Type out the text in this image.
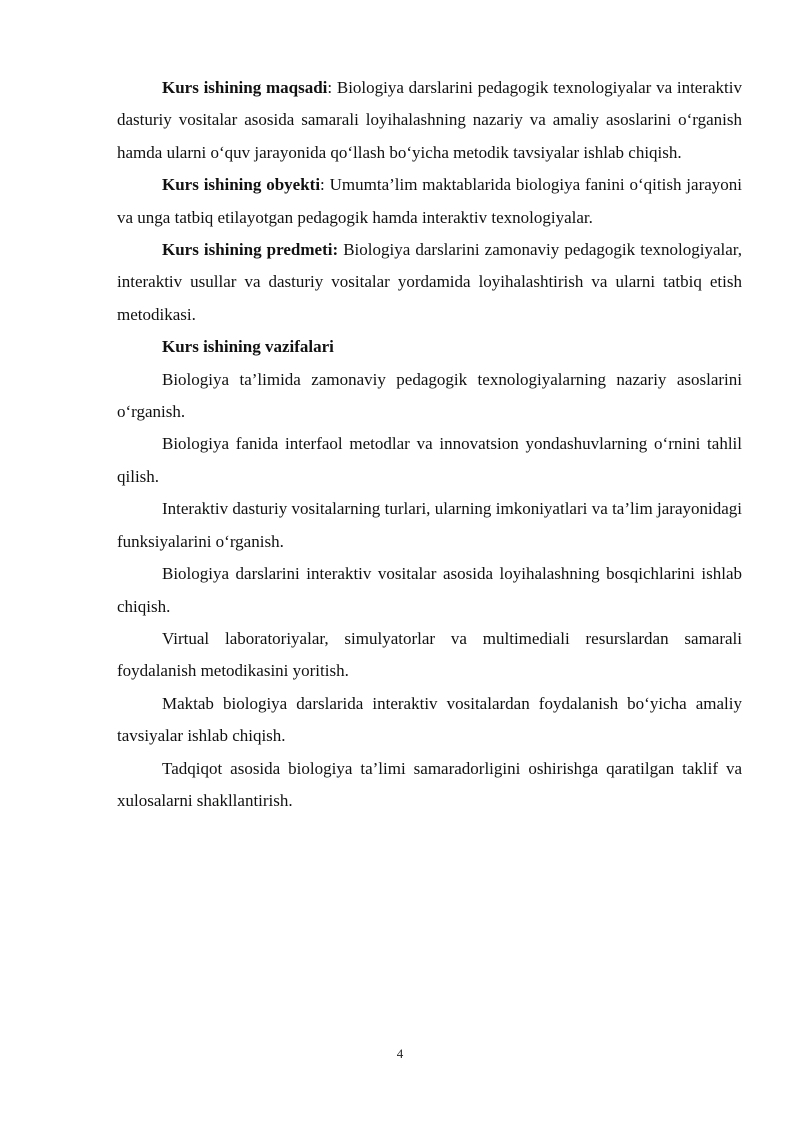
Kurs ishining maqsadi: Biologiya darslarini pedagogik texnologiyalar va interaktiv dasturiy vositalar asosida samarali loyihalashning nazariy va amaliy asoslarini o‘rganish hamda ularni o‘quv jarayonida qo‘llash bo‘yicha metodik tavsiyalar ishlab chiqish.

Kurs ishining obyekti: Umumta’lim maktablarida biologiya fanini o‘qitish jarayoni va unga tatbiq etilayotgan pedagogik hamda interaktiv texnologiyalar.

Kurs ishining predmeti: Biologiya darslarini zamonaviy pedagogik texnologiyalar, interaktiv usullar va dasturiy vositalar yordamida loyihalashtirish va ularni tatbiq etish metodikasi.

Kurs ishining vazifalari

Biologiya ta’limida zamonaviy pedagogik texnologiyalarning nazariy asoslarini o‘rganish.

Biologiya fanida interfaol metodlar va innovatsion yondashuvlarning o‘rnini tahlil qilish.

Interaktiv dasturiy vositalarning turlari, ularning imkoniyatlari va ta’lim jarayonidagi funksiyalarini o‘rganish.

Biologiya darslarini interaktiv vositalar asosida loyihalashning bosqichlarini ishlab chiqish.

Virtual laboratoriyalar, simulyatorlar va multimediali resurslardan samarali foydalanish metodikasini yoritish.

Maktab biologiya darslarida interaktiv vositalardan foydalanish bo‘yicha amaliy tavsiyalar ishlab chiqish.

Tadqiqot asosida biologiya ta’limi samaradorligini oshirishga qaratilgan taklif va xulosalarni shakllantirish.

4
